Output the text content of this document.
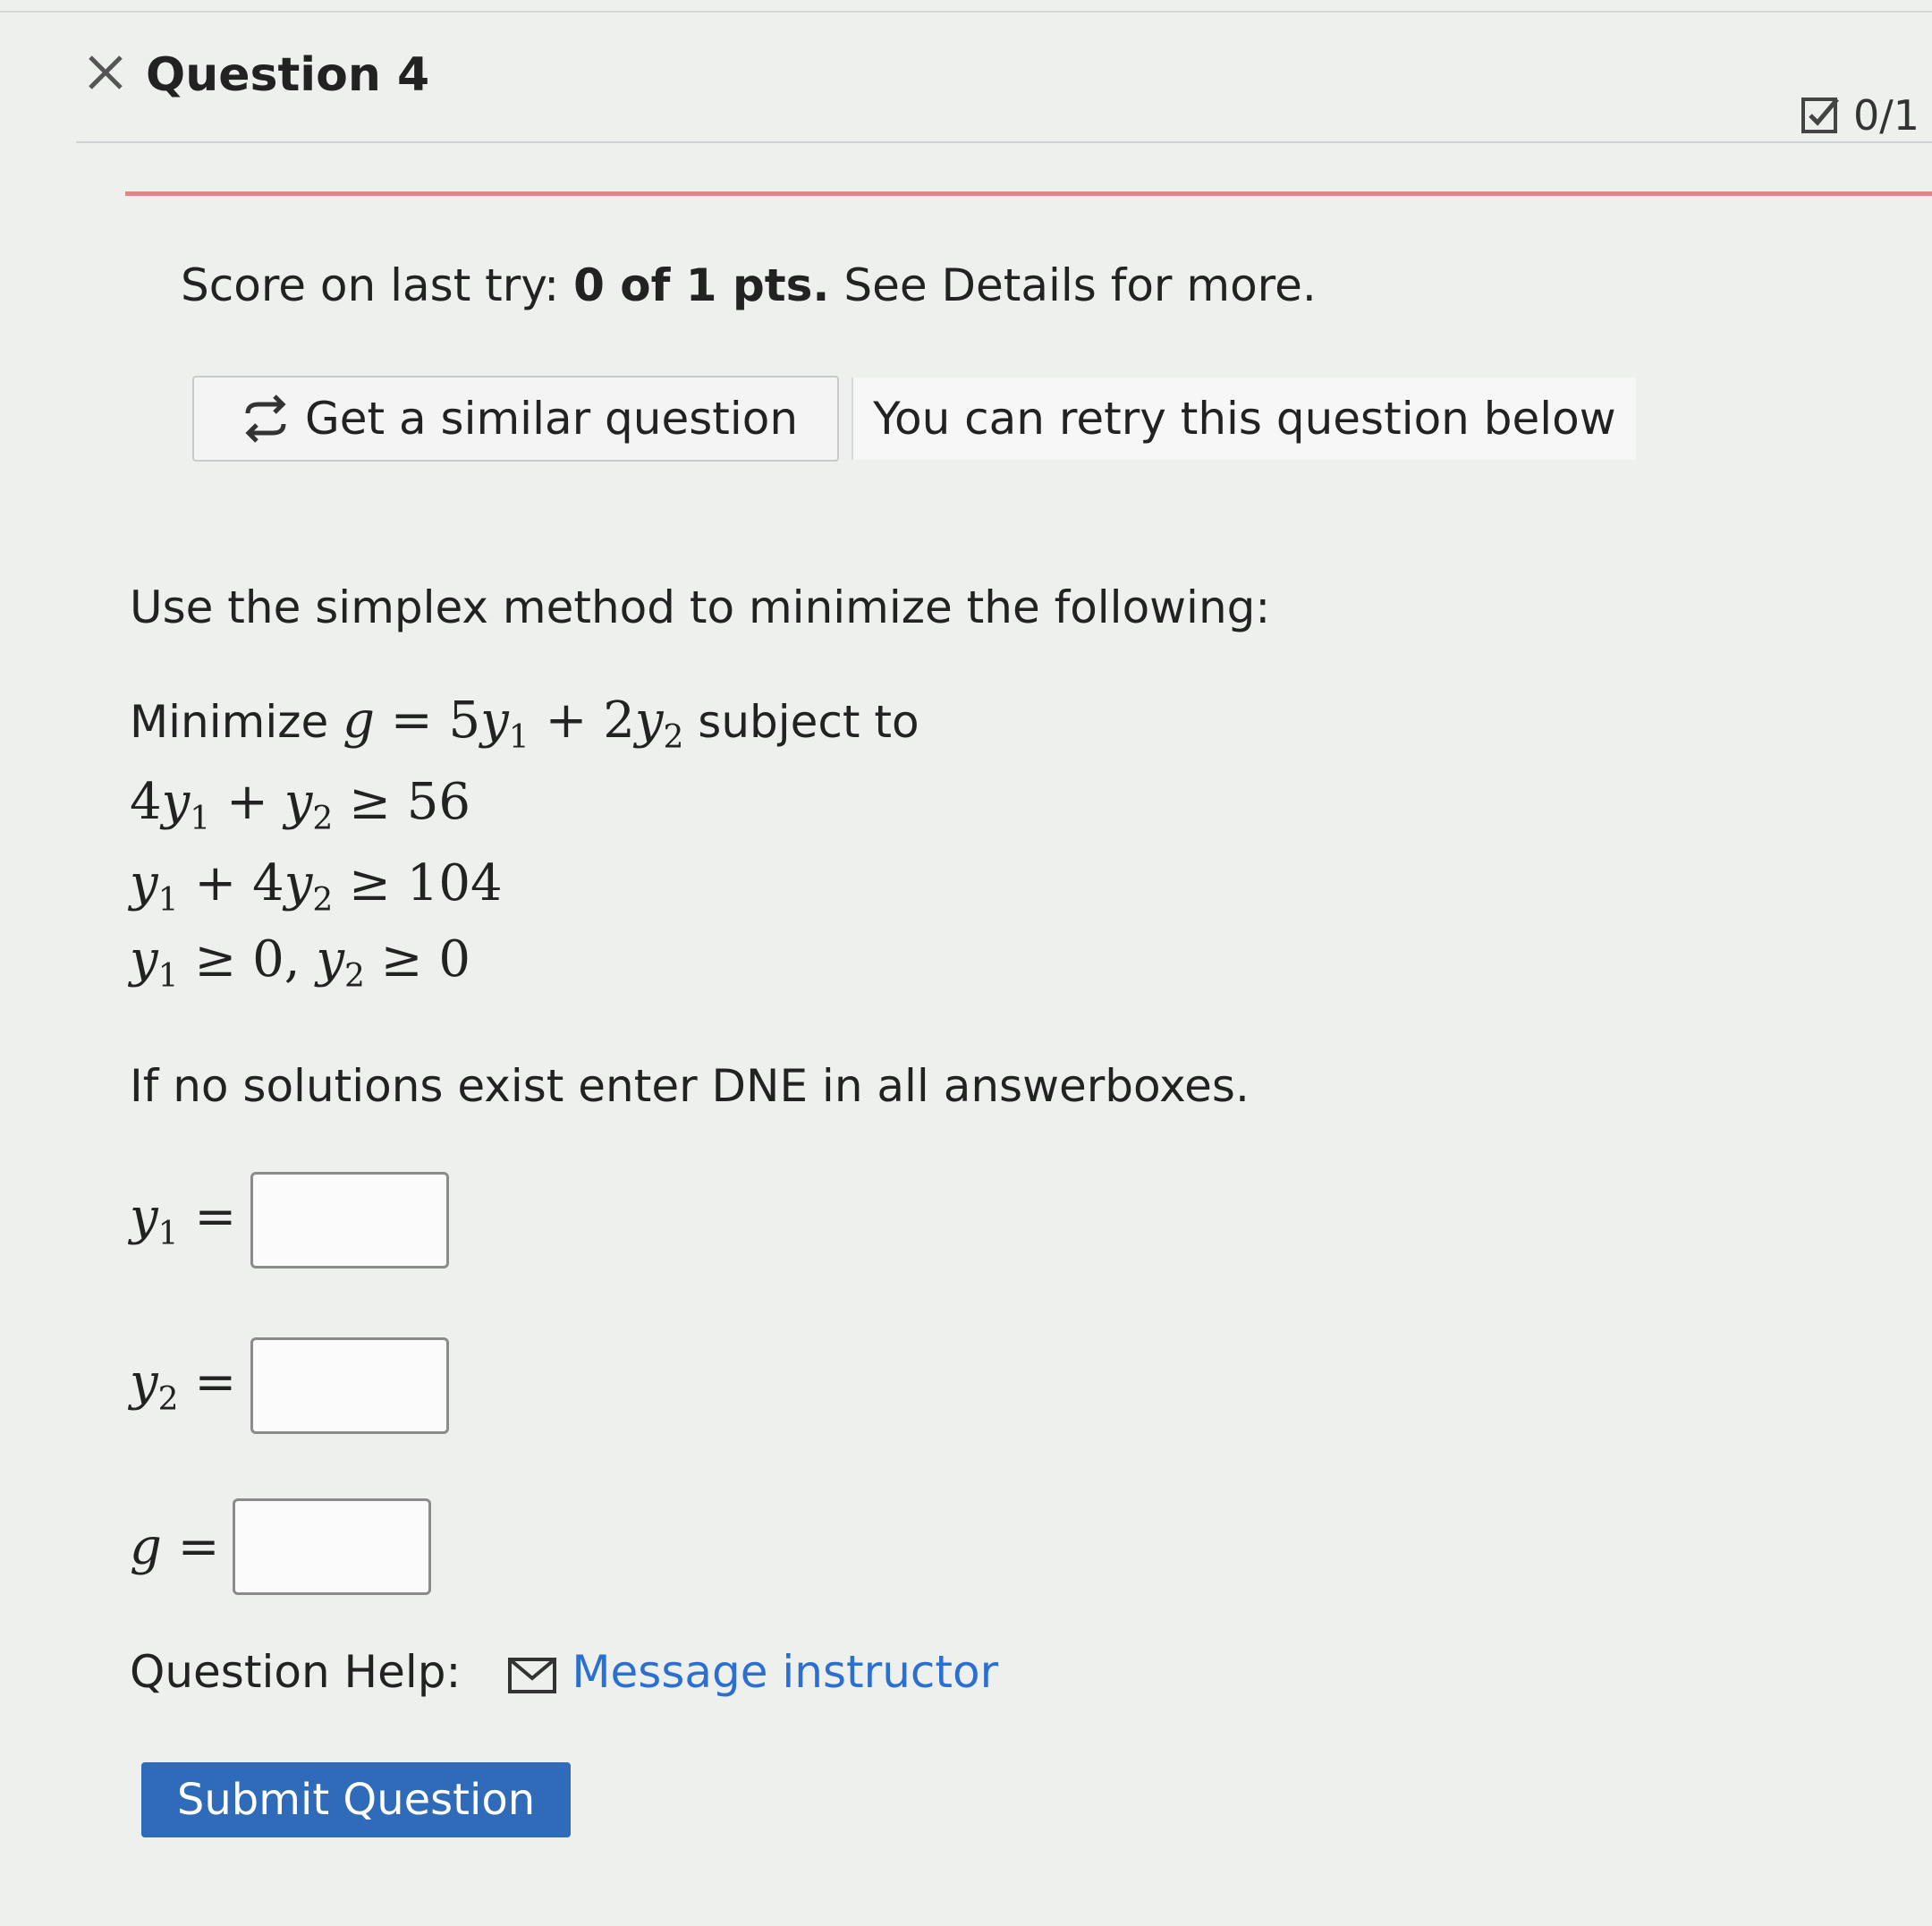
Question 4
0/1
Score on last try: 0 of 1 pts. See Details for more.
Get a similar question	You can retry this question below
Use the simplex method to minimize the following:
Minimize $g = 5y_1 + 2y_2$ subject to
$4y_1 + y_2 \ge 56$
$y_1 + 4y_2 \ge 104$
$y_1 \ge 0$, $y_2 \ge 0$
If no solutions exist enter DNE in all answerboxes.
$y_1$ =
$y_2$ =
g =
Question Help: Message instructor
Submit Question
